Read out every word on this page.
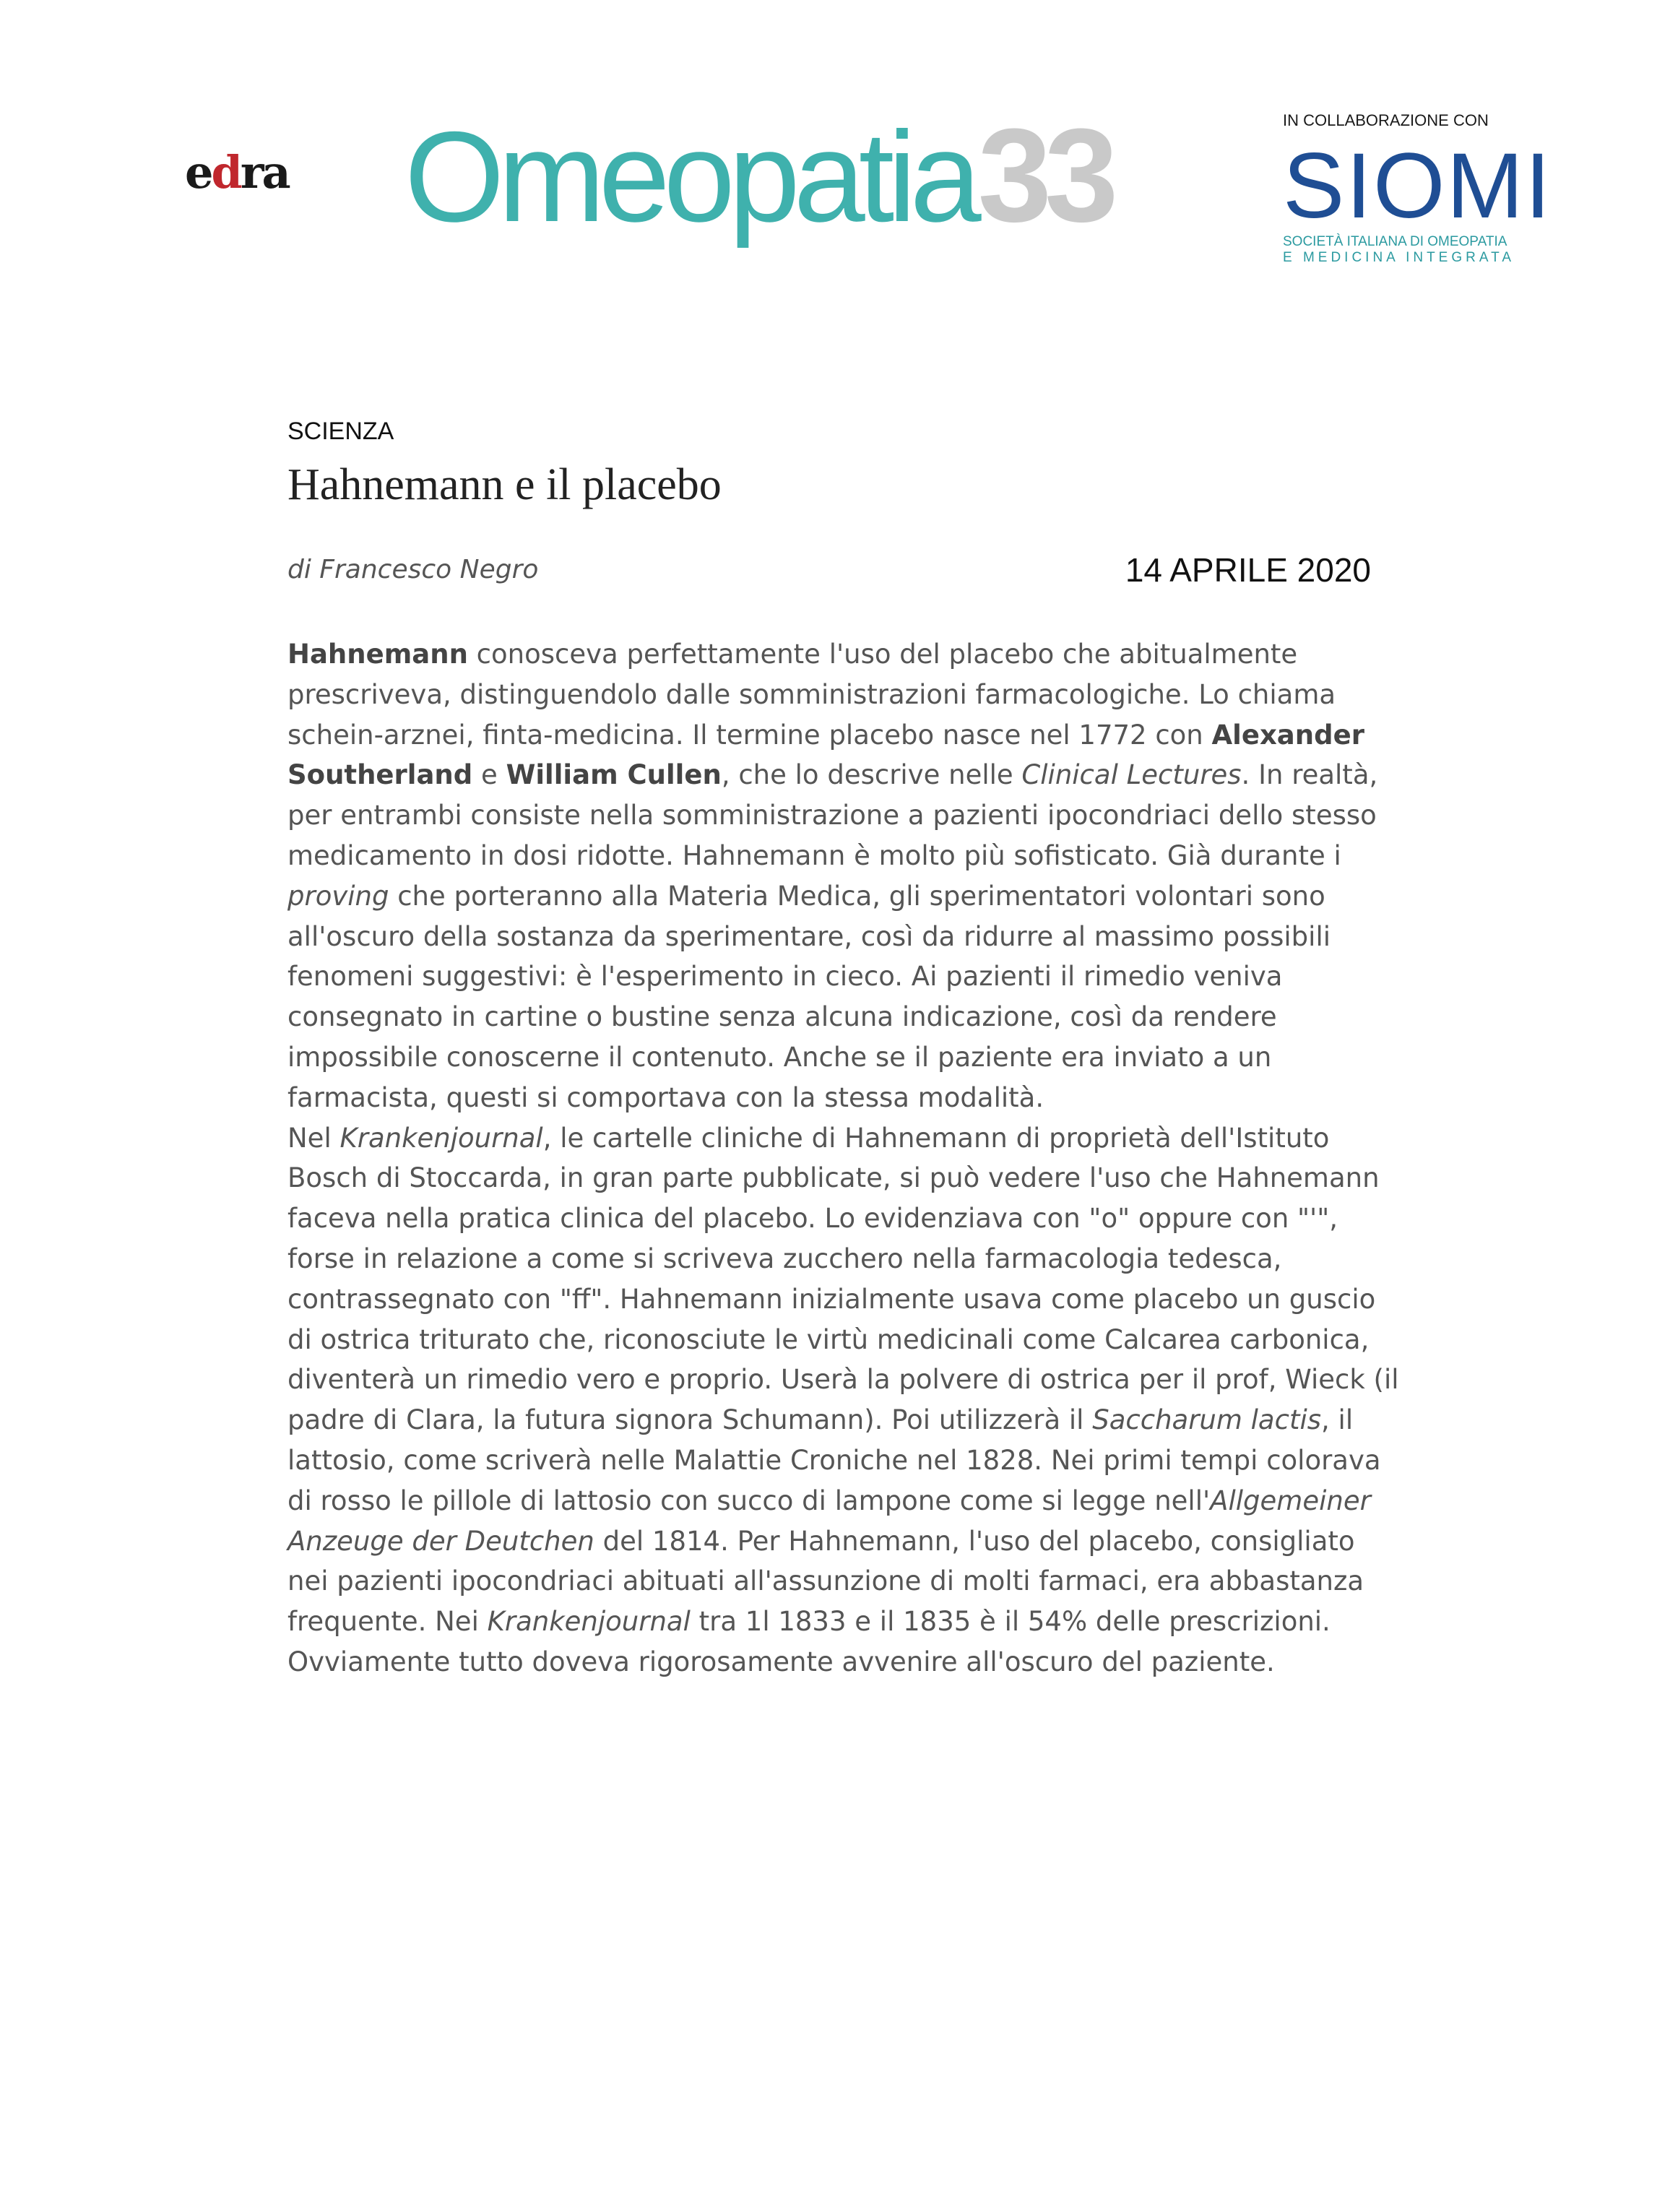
edra Omeopatia33	IN COLLABORAZIONE CON
SIOMI
SOCIETÀ ITALIANA DI OMEOPATIA
E MEDICINA INTEGRATA
SCIENZA
Hahnemann e il placebo
di Francesco Negro	14 APRILE 2020

Hahnemann conosceva perfettamente l'uso del placebo che abitualmente prescriveva, distinguendolo dalle somministrazioni farmacologiche. Lo chiama schein-arznei, finta-medicina. Il termine placebo nasce nel 1772 con Alexander Southerland e William Cullen, che lo descrive nelle Clinical Lectures. In realtà, per entrambi consiste nella somministrazione a pazienti ipocondriaci dello stesso medicamento in dosi ridotte. Hahnemann è molto più sofisticato. Già durante i proving che porteranno alla Materia Medica, gli sperimentatori volontari sono all'oscuro della sostanza da sperimentare, così da ridurre al massimo possibili fenomeni suggestivi: è l'esperimento in cieco. Ai pazienti il rimedio veniva consegnato in cartine o bustine senza alcuna indicazione, così da rendere impossibile conoscerne il contenuto. Anche se il paziente era inviato a un farmacista, questi si comportava con la stessa modalità.

Nel Krankenjournal, le cartelle cliniche di Hahnemann di proprietà dell'Istituto Bosch di Stoccarda, in gran parte pubblicate, si può vedere l'uso che Hahnemann faceva nella pratica clinica del placebo. Lo evidenziava con "o" oppure con "'", forse in relazione a come si scriveva zucchero nella farmacologia tedesca, contrassegnato con "ff". Hahnemann inizialmente usava come placebo un guscio di ostrica triturato che, riconosciute le virtù medicinali come Calcarea carbonica, diventerà un rimedio vero e proprio. Userà la polvere di ostrica per il prof, Wieck (il padre di Clara, la futura signora Schumann). Poi utilizzerà il Saccharum lactis, il lattosio, come scriverà nelle Malattie Croniche nel 1828. Nei primi tempi colorava di rosso le pillole di lattosio con succo di lampone come si legge nell'Allgemeiner Anzeuge der Deutchen del 1814. Per Hahnemann, l'uso del placebo, consigliato nei pazienti ipocondriaci abituati all'assunzione di molti farmaci, era abbastanza frequente. Nei Krankenjournal tra 1l 1833 e il 1835 è il 54% delle prescrizioni. Ovviamente tutto doveva rigorosamente avvenire all'oscuro del paziente.
